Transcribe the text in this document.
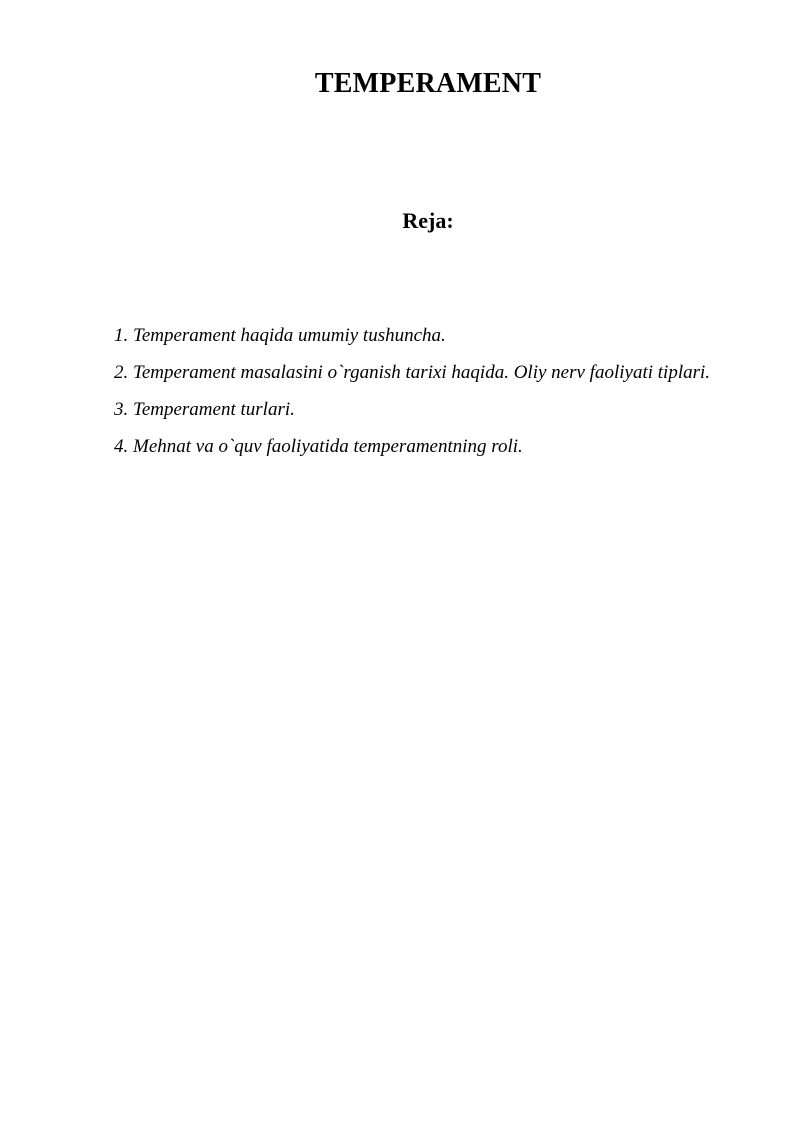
TEMPERAMENT
Reja:
1. Temperament haqida umumiy tushuncha.
2. Temperament masalasini o`rganish tarixi haqida. Oliy nerv faoliyati tiplari.
3. Temperament turlari.
4. Mehnat va o`quv faoliyatida temperamentning roli.
